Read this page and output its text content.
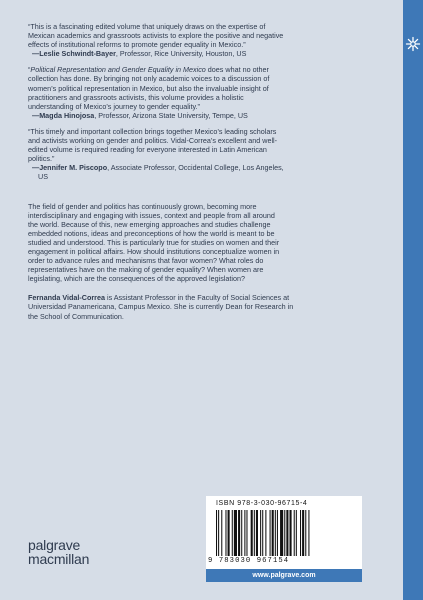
“This is a fascinating edited volume that uniquely draws on the expertise of
Mexican academics and grassroots activists to explore the positive and negative
effects of institutional reforms to promote gender equality in Mexico.”
—Leslie Schwindt-Bayer, Professor, Rice University, Houston, US
“Political Representation and Gender Equality in Mexico does what no other
collection has done. By bringing not only academic voices to a discussion of
women’s political representation in Mexico, but also the invaluable insight of
practitioners and grassroots activists, this volume provides a holistic
understanding of Mexico’s journey to gender equality.”
—Magda Hinojosa, Professor, Arizona State University, Tempe, US
“This timely and important collection brings together Mexico’s leading scholars
and activists working on gender and politics. Vidal-Correa’s excellent and well-
edited volume is required reading for everyone interested in Latin American
politics.”
—Jennifer M. Piscopo, Associate Professor, Occidental College, Los Angeles,
US
The field of gender and politics has continuously grown, becoming more
interdisciplinary and engaging with issues, context and people from all around
the world. Because of this, new emerging approaches and studies challenge
embedded notions, ideas and preconceptions of how the world is meant to be
studied and understood. This is particularly true for studies on women and their
engagement in political affairs. How should institutions conceptualize women in
order to advance rules and mechanisms that favor women? What roles do
representatives have on the making of gender equality? When women are
legislating, which are the consequences of the approved legislation?
Fernanda Vidal-Correa is Assistant Professor in the Faculty of Social Sciences at
Universidad Panamericana, Campus Mexico. She is currently Dean for Research in
the School of Communication.
palgrave
macmillan
ISBN 978-3-030-96715-4
9 783030 967154
www.palgrave.com
